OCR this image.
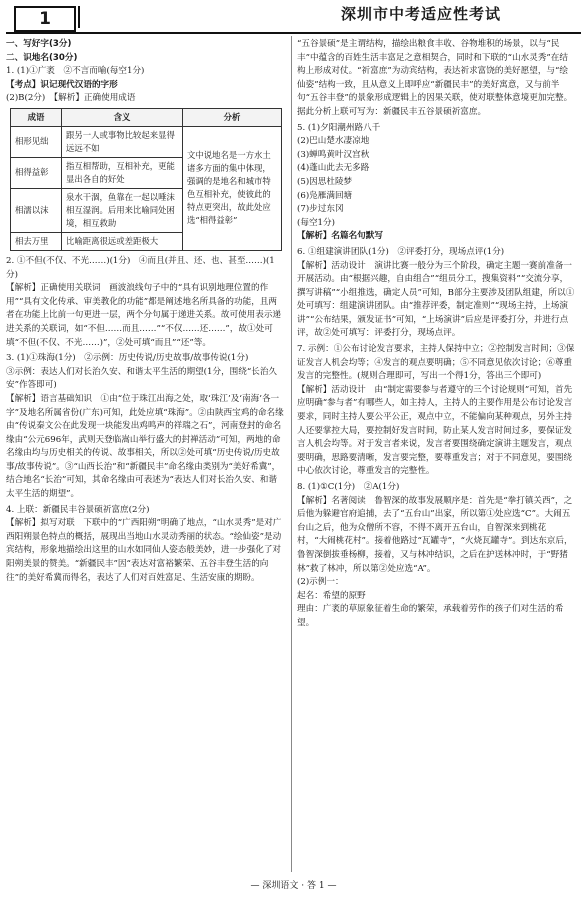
1	深圳市中考适应性考试

一、写好字(3分)

二、识地名(30分)

1. (1)①广袤　②不言而喻(每空1分)

【考点】识记现代汉语的字形

(2)B(2分)　【解析】正确使用成语

成语	含义	分析
相形见绌	跟另一人或事物比较起来显得远远不如	文中说地名是一方水土诸多方面的集中体现，强调的是地名和城市特色互相补充，使彼此的特点更突出，故此处应选“相得益彰”
相得益彰	指互相帮助，互相补充，更能显出各自的好处	
相濡以沫	泉水干涸，鱼靠在一起以唾沫相互湿润。后用来比喻同处困境，相互救助	
相去万里	比喻距离很远或差距极大	

2. ①不但(不仅、不光……)(1分)　④而且(并且、还、也、甚至……)(1分)

【解析】正确使用关联词　画波浪线句子中的“具有识别地理位置的作用”“具有文化传承、审美教化的功能”都是阐述地名所具备的功能，且两者在功能上比前一句更进一层，两个分句属于递进关系。故可使用表示递进关系的关联词，如“不但……而且……”“不仅……还……”，故①处可填“不但(不仅、不光……)”，②处可填“而且”“还”等。

3. (1)①珠海(1分)　②示例：历史传说/历史故事/故事传说(1分)

③示例：表达人们对长治久安、和谐太平生活的期望(1分，围绕“长治久安”作答即可)

【解析】语言基础知识　①由“位于珠江出海之处，取‘珠江’及‘南海’各一字”及地名所属省份(广东)可知，此处应填“珠海”。②由陕西宝鸡的命名缘由“传说秦文公在此发现一块能发出鸡鸣声的祥瑞之石”，河南登封的命名缘由“公元696年，武则天登临嵩山举行盛大的封禅活动”可知，两地的命名缘由均与历史相关的传说、故事相关，所以②处可填“历史传说/历史故事/故事传说”。③“山西长治”和“新疆民丰”命名缘由类别为“美好希冀”，结合地名“长治”可知，其命名缘由可表述为“表达人们对长治久安、和谐太平生活的期望”。

4. 上联：新疆民丰谷景硕祈富庶(2分)

【解析】拟写对联　下联中的“广西阳朔”明确了地点，“山水灵秀”是对广西阳朔景色特点的概括，展现出当地山水灵动秀丽的状态。“绘仙姿”是动宾结构，形象地描绘出这里的山水如同仙人姿态般美妙，进一步强化了对阳朔美景的赞美。“新疆民丰”因“表达对富裕繁荣、五谷丰登生活的向往”的美好希冀而得名，表达了人们对百姓富足、生活安康的期盼。

“五谷景硕”是主谓结构，描绘出粮食丰收、谷物堆积的场景，以与“民丰”中蕴含的百姓生活丰富足之意相契合，同时和下联的“山水灵秀”在结构上形成对仗。“祈富庶”为动宾结构，表达祈求富饶的美好愿望，与“绘仙姿”结构一致，且从意义上即呼应“新疆民丰”的美好寓意，又与前半句“五谷丰登”的景象形成逻辑上的因果关联，使对联整体意境更加完整。据此分析上联可写为：新疆民丰五谷景硕祈富庶。

5. (1)夕阳潮州路八千

(2)巴山楚水凄凉地

(3)蝉鸣黄叶汉宫秋

(4)蓬山此去无多路

(5)因思杜陵梦

(6)凫雁满回塘

(7)步过东冈

(每空1分)

【解析】名篇名句默写

6. ①组建演讲团队(1分)　②评委打分，现场点评(1分)

【解析】活动设计　演讲比赛一般分为三个阶段，确定主题一赛前准备一开展活动。由“根据兴趣，自由组合”“组员分工，搜集资料”“交流分享，撰写讲稿”“小组推选，确定人员”可知，B部分主要涉及团队组建，所以①处可填写：组建演讲团队。由“推荐评委，制定准则”“现场主持，上场演讲”“公布结果，颁发证书”可知，“上场演讲”后应是评委打分，并进行点评，故②处可填写：评委打分，现场点评。

7. 示例：①公布讨论发言要求，主持人保持中立；②控制发言时间；③保证发言人机会均等；④发言的观点要明确；⑤不同意见依次讨论；⑥尊重发言的完整性。(规则合理即可，写出一个得1分，答出三个即可)

【解析】活动设计　由“制定需要参与者遵守的三个讨论规则”可知，首先应明确“参与者”有哪些人，如主持人，主持人的主要作用是公布讨论发言要求，同时主持人要公平公正，观点中立，不能偏向某种观点，另外主持人还要掌控大局，要控制好发言时间，防止某人发言时间过多，要保证发言人机会均等。对于发言者来说，发言者要围绕确定演讲主题发言，观点要明确，思路要清晰，发言要完整，要尊重发言；对于不同意见，要围绕中心依次讨论，尊重发言的完整性。

8. (1)①C(1分)　②A(1分)

【解析】名著阅读　鲁智深的故事发展顺序是：首先是“拳打镇关西”，之后他为躲避官府追捕，去了“五台山”出家，所以第①处应选“C”。大闹五台山之后，他为众僧所不容，不得不离开五台山，自智深来到桃花村，“大闹桃花村”。接着他路过“瓦罐寺”，“火烧瓦罐寺”。到达东京后，鲁智深倒拔垂杨柳，接着，又与林冲结识，之后在护送林冲时，于“野猪林”救了林冲，所以第②处应选“A”。

(2)示例一：

起名：希望的原野

理由：广袤的草原象征着生命的繁荣，承载着劳作的孩子们对生活的希望。

— 深圳语文 · 答 1 —
